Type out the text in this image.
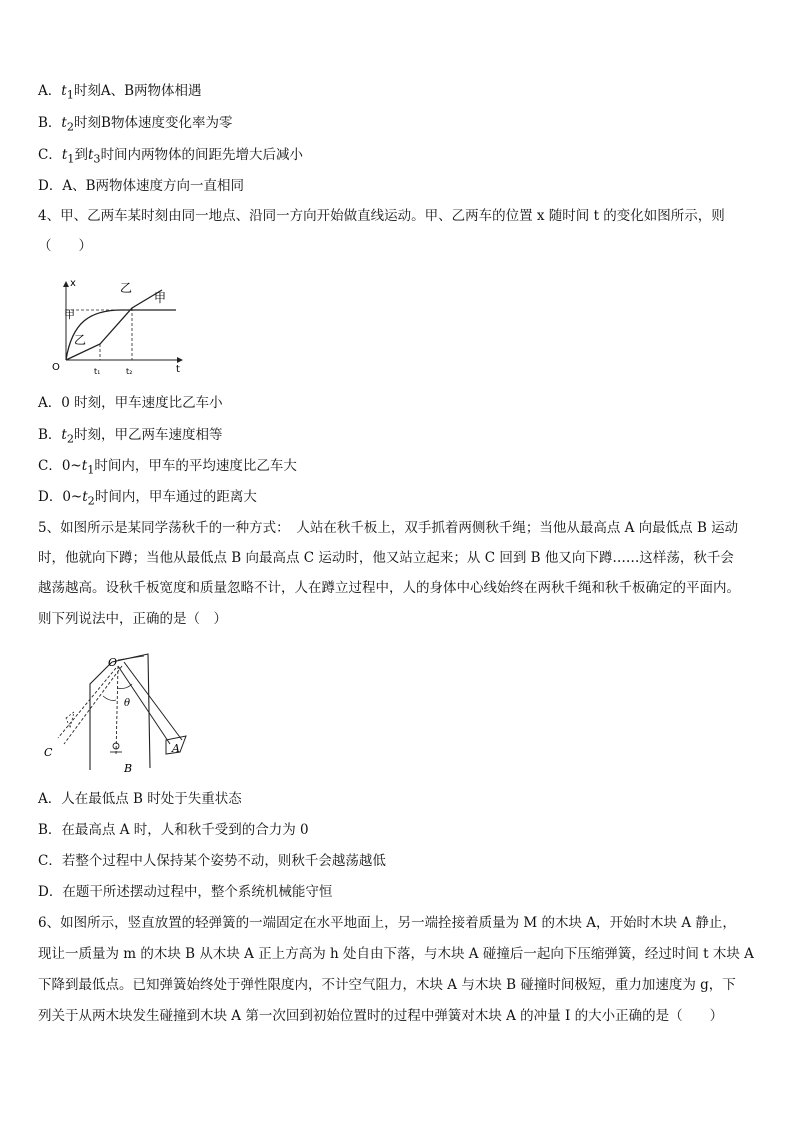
A．$t_1$时刻A、B两物体相遇
B．$t_2$时刻B物体速度变化率为零
C．$t_1$到$t_3$时间内两物体的间距先增大后减小
D．A、B两物体速度方向一直相同
4、甲、乙两车某时刻由同一地点、沿同一方向开始做直线运动。甲、乙两车的位置 x 随时间 t 的变化如图所示，则
（　　）
x
t
O	t₁	t₂
甲
乙
甲
乙
A．0 时刻，甲车速度比乙车小
B．$t_2$时刻，甲乙两车速度相等
C．$0\sim t_1$时间内，甲车的平均速度比乙车大
D．$0\sim t_2$时间内，甲车通过的距离大
5、如图所示是某同学荡秋千的一种方式：　人站在秋千板上，双手抓着两侧秋千绳；当他从最高点 A 向最低点 B 运动
时，他就向下蹲；当他从最低点 B 向最高点 C 运动时，他又站立起来；从 C 回到 B 他又向下蹲……这样荡，秋千会
越荡越高。设秋千板宽度和质量忽略不计，人在蹲立过程中，人的身体中心线始终在两秋千绳和秋千板确定的平面内。
则下列说法中，正确的是（　）
O
θ
A
B
C
A．人在最低点 B 时处于失重状态
B．在最高点 A 时，人和秋千受到的合力为 0
C．若整个过程中人保持某个姿势不动，则秋千会越荡越低
D．在题干所述摆动过程中，整个系统机械能守恒
6、如图所示，竖直放置的轻弹簧的一端固定在水平地面上，另一端拴接着质量为 M 的木块 A，开始时木块 A 静止，
现让一质量为 m 的木块 B 从木块 A 正上方高为 h 处自由下落，与木块 A 碰撞后一起向下压缩弹簧，经过时间 t 木块 A
下降到最低点。已知弹簧始终处于弹性限度内，不计空气阻力，木块 A 与木块 B 碰撞时间极短，重力加速度为 g，下
列关于从两木块发生碰撞到木块 A 第一次回到初始位置时的过程中弹簧对木块 A 的冲量 I 的大小正确的是（　　）
